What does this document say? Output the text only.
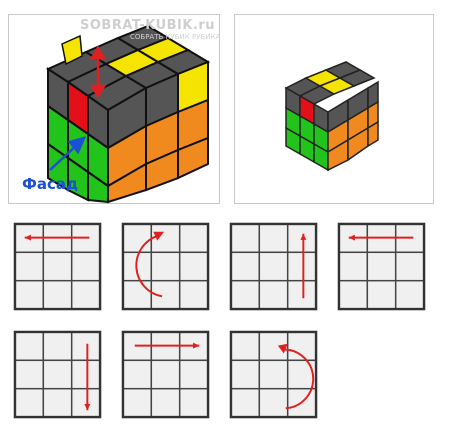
Фасад
SOBRAT-KUBIK.ru
СОБРАТЬ КУБИК РУБИКА
